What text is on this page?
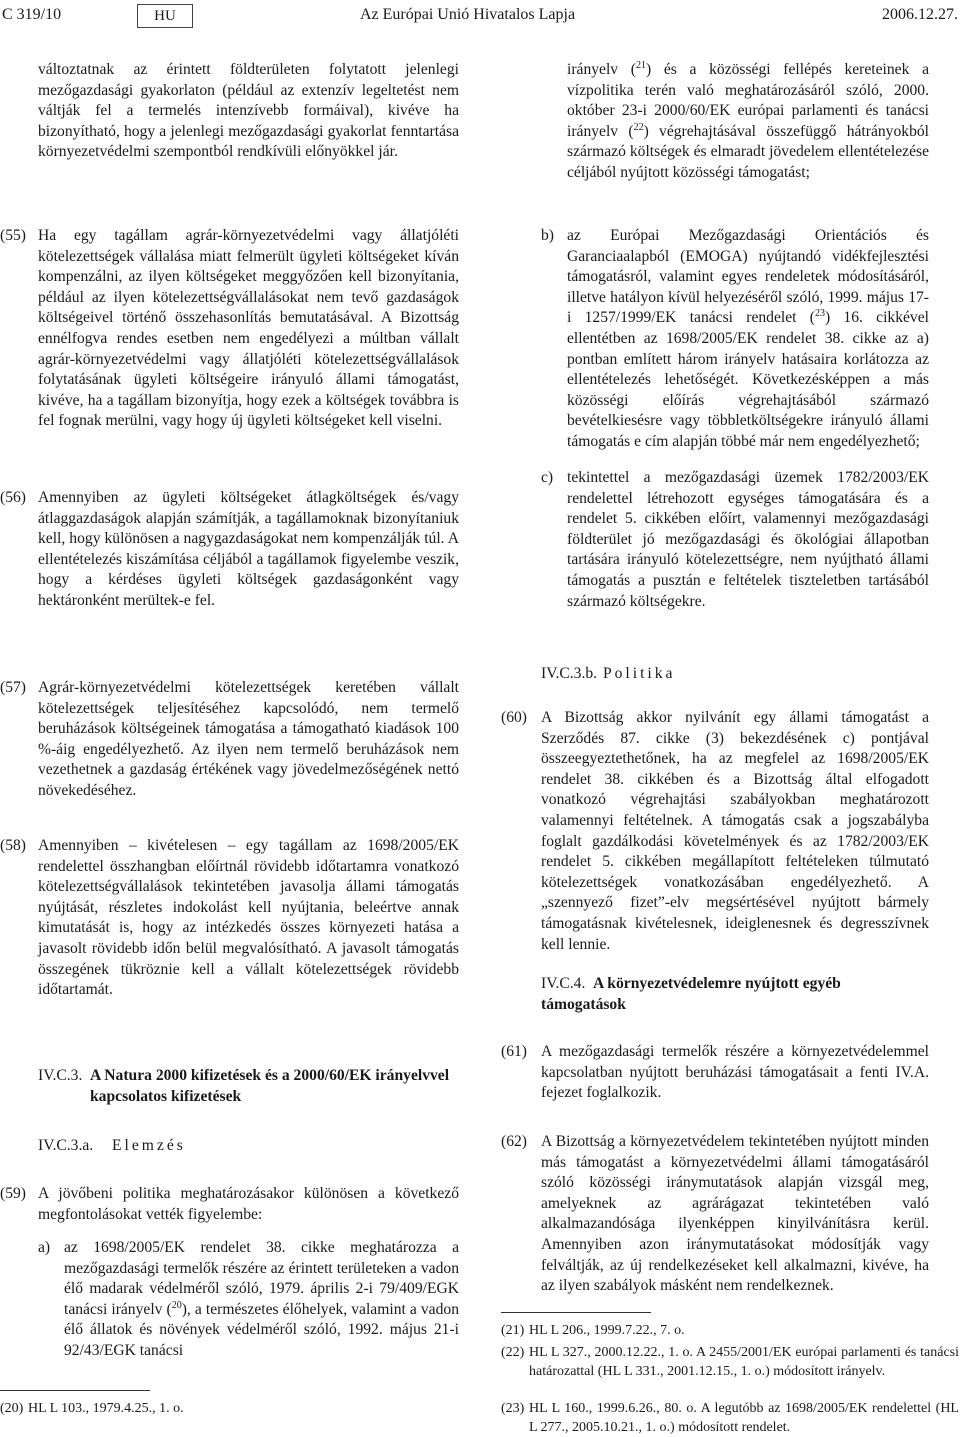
C 319/10	HU	Az Európai Unió Hivatalos Lapja	2006.12.27.

változtatnak az érintett földterületen folytatott jelenlegi mezőgazdasági gyakorlaton (például az extenzív legeltetést nem váltják fel a termelés intenzívebb formáival), kivéve ha bizonyítható, hogy a jelenlegi mezőgazdasági gyakorlat fenntartása környezetvédelmi szempontból rendkívüli előnyökkel jár.

(55) Ha egy tagállam agrár-környezetvédelmi vagy állatjóléti kötelezettségek vállalása miatt felmerült ügyleti költségeket kíván kompenzálni, az ilyen költségeket meggyőzően kell bizonyítania, például az ilyen kötelezettségvállalásokat nem tevő gazdaságok költségeivel történő összehasonlítás bemutatásával. A Bizottság ennélfogva rendes esetben nem engedélyezi a múltban vállalt agrár-környezetvédelmi vagy állatjóléti kötelezettségvállalások folytatásának ügyleti költségeire irányuló állami támogatást, kivéve, ha a tagállam bizonyítja, hogy ezek a költségek továbbra is fel fognak merülni, vagy hogy új ügyleti költségeket kell viselni.

(56) Amennyiben az ügyleti költségeket átlagköltségek és/vagy átlaggazdaságok alapján számítják, a tagállamoknak bizonyítaniuk kell, hogy különösen a nagygazdaságokat nem kompenzálják túl. A ellentételezés kiszámítása céljából a tagállamok figyelembe veszik, hogy a kérdéses ügyleti költségek gazdaságonként vagy hektáronként merültek-e fel.

(57) Agrár-környezetvédelmi kötelezettségek keretében vállalt kötelezettségek teljesítéséhez kapcsolódó, nem termelő beruházások költségeinek támogatása a támogatható kiadások 100 %-áig engedélyezhető. Az ilyen nem termelő beruházások nem vezethetnek a gazdaság értékének vagy jövedelmezőségének nettó növekedéséhez.

(58) Amennyiben – kivételesen – egy tagállam az 1698/2005/EK rendelettel összhangban előírtnál rövidebb időtartamra vonatkozó kötelezettségvállalások tekintetében javasolja állami támogatás nyújtását, részletes indokolást kell nyújtania, beleértve annak kimutatását is, hogy az intézkedés összes környezeti hatása a javasolt rövidebb időn belül megvalósítható. A javasolt támogatás összegének tükröznie kell a vállalt kötelezettségek rövidebb időtartamát.

IV.C.3. A Natura 2000 kifizetések és a 2000/60/EK irányelvvel kapcsolatos kifizetések
IV.C.3.a. Elemzés
(59) A jövőbeni politika meghatározásakor különösen a következő megfontolásokat vették figyelembe:

a) az 1698/2005/EK rendelet 38. cikke meghatározza a mezőgazdasági termelők részére az érintett területeken a vadon élő madarak védelméről szóló, 1979. április 2-i 79/409/EGK tanácsi irányelv ($^{20}$), a természetes élőhelyek, valamint a vadon élő állatok és növények védelméről szóló, 1992. május 21-i 92/43/EGK tanácsi

(20) HL L 103., 1979.4.25., 1. o.

irányelv ($^{21}$) és a közösségi fellépés kereteinek a vízpolitika terén való meghatározásáról szóló, 2000. október 23-i 2000/60/EK európai parlamenti és tanácsi irányelv ($^{22}$) végrehajtásával összefüggő hátrányokból származó költségek és elmaradt jövedelem ellentételezése céljából nyújtott közösségi támogatást;

b) az Európai Mezőgazdasági Orientációs és Garanciaalapból (EMOGA) nyújtandó vidékfejlesztési támogatásról, valamint egyes rendeletek módosításáról, illetve hatályon kívül helyezéséről szóló, 1999. május 17-i 1257/1999/EK tanácsi rendelet ($^{23}$) 16. cikkével ellentétben az 1698/2005/EK rendelet 38. cikke az a) pontban említett három irányelv hatásaira korlátozza az ellentételezés lehetőségét. Következésképpen a más közösségi előírás végrehajtásából származó bevételkiesésre vagy többletköltségekre irányuló állami támogatás e cím alapján többé már nem engedélyezhető;

c) tekintettel a mezőgazdasági üzemek 1782/2003/EK rendelettel létrehozott egységes támogatására és a rendelet 5. cikkében előírt, valamennyi mezőgazdasági földterület jó mezőgazdasági és ökológiai állapotban tartására irányuló kötelezettségre, nem nyújtható állami támogatás a pusztán e feltételek tiszteletben tartásából származó költségekre.

IV.C.3.b. Politika
(60) A Bizottság akkor nyilvánít egy állami támogatást a Szerződés 87. cikke (3) bekezdésének c) pontjával összeegyeztethetőnek, ha az megfelel az 1698/2005/EK rendelet 38. cikkében és a Bizottság által elfogadott vonatkozó végrehajtási szabályokban meghatározott valamennyi feltételnek. A támogatás csak a jogszabályba foglalt gazdálkodási követelmények és az 1782/2003/EK rendelet 5. cikkében megállapított feltételeken túlmutató kötelezettségek vonatkozásában engedélyezhető. A „szennyező fizet”-elv megsértésével nyújtott bármely támogatásnak kivételesnek, ideiglenesnek és degresszívnek kell lennie.

IV.C.4. A környezetvédelemre nyújtott egyéb támogatások
(61) A mezőgazdasági termelők részére a környezetvédelemmel kapcsolatban nyújtott beruházási támogatásait a fenti IV.A. fejezet foglalkozik.

(62) A Bizottság a környezetvédelem tekintetében nyújtott minden más támogatást a környezetvédelmi állami támogatásáról szóló közösségi iránymutatások alapján vizsgál meg, amelyeknek az agrárágazat tekintetében való alkalmazandósága ilyenképpen kinyilvánításra kerül. Amennyiben azon iránymutatásokat módosítják vagy felváltják, az új rendelkezéseket kell alkalmazni, kivéve, ha az ilyen szabályok másként nem rendelkeznek.

(21) HL L 206., 1999.7.22., 7. o.
(22) HL L 327., 2000.12.22., 1. o. A 2455/2001/EK európai parlamenti és tanácsi határozattal (HL L 331., 2001.12.15., 1. o.) módosított irányelv.
(23) HL L 160., 1999.6.26., 80. o. A legutóbb az 1698/2005/EK rendelettel (HL L 277., 2005.10.21., 1. o.) módosított rendelet.
